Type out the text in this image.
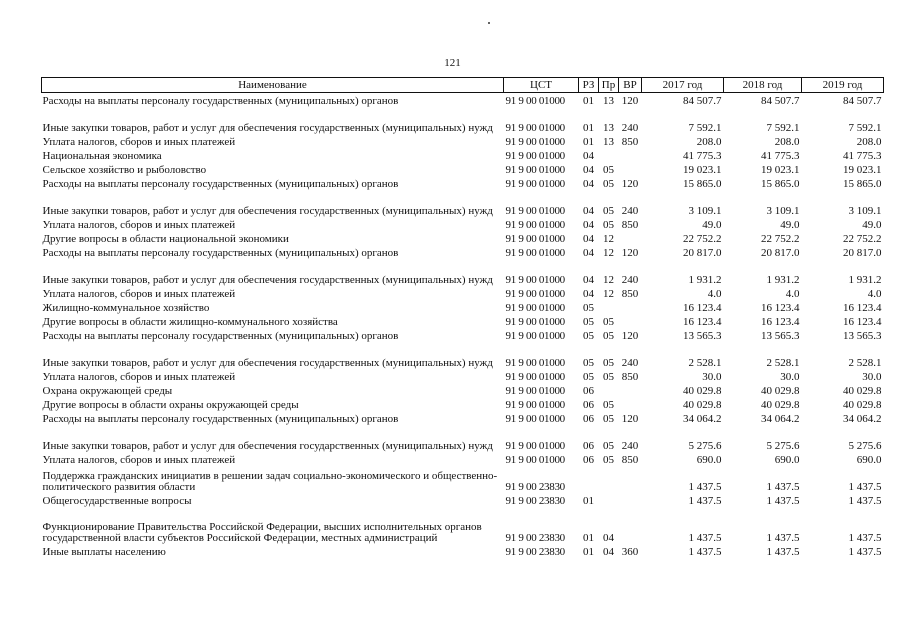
121
Наименование	ЦСТ	РЗ	Пр	ВР	2017 год	2018 год	2019 год
Расходы на выплаты персоналу государственных (муниципальных) органов	91 9 00 01000	01	13	120	84 507.7	84 507.7	84 507.7
Иные закупки товаров, работ и услуг для обеспечения государственных (муниципальных) нужд	91 9 00 01000	01	13	240	7 592.1	7 592.1	7 592.1
Уплата налогов, сборов и иных платежей	91 9 00 01000	01	13	850	208.0	208.0	208.0
Национальная экономика	91 9 00 01000	04			41 775.3	41 775.3	41 775.3
Сельское хозяйство и рыболовство	91 9 00 01000	04	05		19 023.1	19 023.1	19 023.1
Расходы на выплаты персоналу государственных (муниципальных) органов	91 9 00 01000	04	05	120	15 865.0	15 865.0	15 865.0
Иные закупки товаров, работ и услуг для обеспечения государственных (муниципальных) нужд	91 9 00 01000	04	05	240	3 109.1	3 109.1	3 109.1
Уплата налогов, сборов и иных платежей	91 9 00 01000	04	05	850	49.0	49.0	49.0
Другие вопросы в области национальной экономики	91 9 00 01000	04	12		22 752.2	22 752.2	22 752.2
Расходы на выплаты персоналу государственных (муниципальных) органов	91 9 00 01000	04	12	120	20 817.0	20 817.0	20 817.0
Иные закупки товаров, работ и услуг для обеспечения государственных (муниципальных) нужд	91 9 00 01000	04	12	240	1 931.2	1 931.2	1 931.2
Уплата налогов, сборов и иных платежей	91 9 00 01000	04	12	850	4.0	4.0	4.0
Жилищно-коммунальное хозяйство	91 9 00 01000	05			16 123.4	16 123.4	16 123.4
Другие вопросы в области жилищно-коммунального хозяйства	91 9 00 01000	05	05		16 123.4	16 123.4	16 123.4
Расходы на выплаты персоналу государственных (муниципальных) органов	91 9 00 01000	05	05	120	13 565.3	13 565.3	13 565.3
Иные закупки товаров, работ и услуг для обеспечения государственных (муниципальных) нужд	91 9 00 01000	05	05	240	2 528.1	2 528.1	2 528.1
Уплата налогов, сборов и иных платежей	91 9 00 01000	05	05	850	30.0	30.0	30.0
Охрана окружающей среды	91 9 00 01000	06			40 029.8	40 029.8	40 029.8
Другие вопросы в области охраны окружающей среды	91 9 00 01000	06	05		40 029.8	40 029.8	40 029.8
Расходы на выплаты персоналу государственных (муниципальных) органов	91 9 00 01000	06	05	120	34 064.2	34 064.2	34 064.2
Иные закупки товаров, работ и услуг для обеспечения государственных (муниципальных) нужд	91 9 00 01000	06	05	240	5 275.6	5 275.6	5 275.6
Уплата налогов, сборов и иных платежей	91 9 00 01000	06	05	850	690.0	690.0	690.0
Поддержка гражданских инициатив в решении задач социально-экономического и общественно-политического развития области	91 9 00 23830				1 437.5	1 437.5	1 437.5
Общегосударственные вопросы	91 9 00 23830	01			1 437.5	1 437.5	1 437.5
Функционирование Правительства Российской Федерации, высших исполнительных органов государственной власти субъектов Российской Федерации, местных администраций	91 9 00 23830	01	04		1 437.5	1 437.5	1 437.5
Иные выплаты населению	91 9 00 23830	01	04	360	1 437.5	1 437.5	1 437.5
